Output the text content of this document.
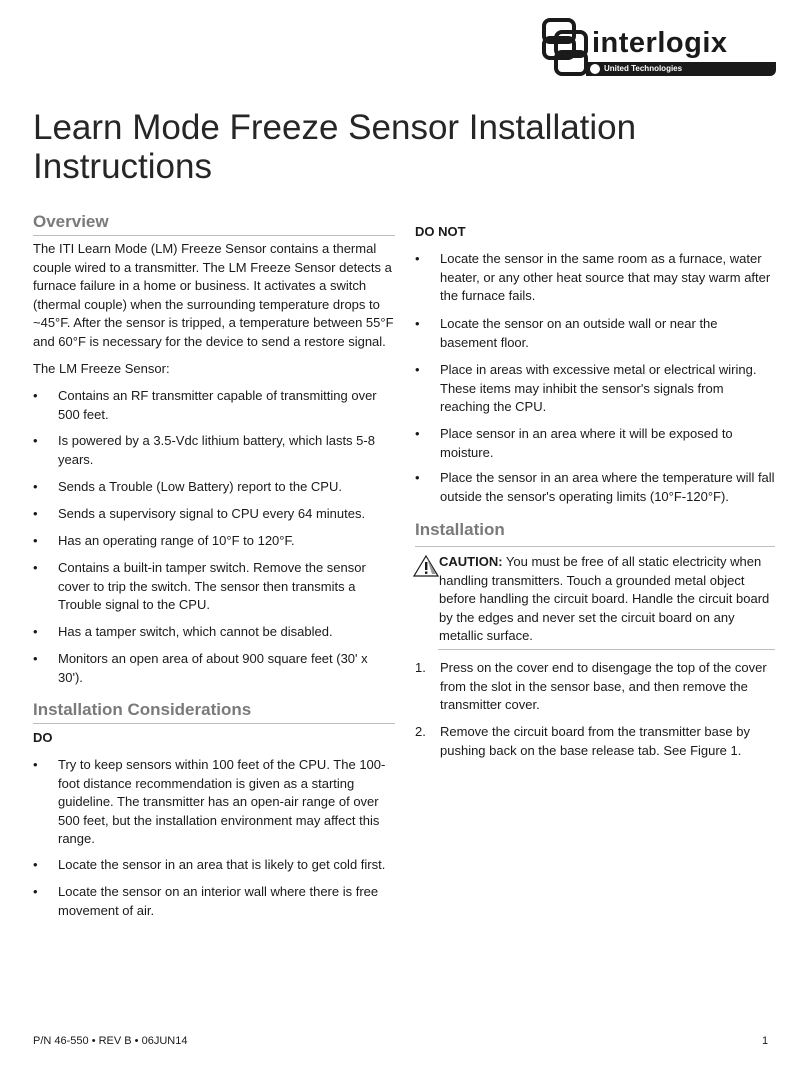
interlogix
United Technologies
Learn Mode Freeze Sensor Installation Instructions
Overview

The ITI Learn Mode (LM) Freeze Sensor contains a thermal couple wired to a transmitter. The LM Freeze Sensor detects a furnace failure in a home or business. It activates a switch (thermal couple) when the surrounding temperature drops to ~45°F. After the sensor is tripped, a temperature between 55°F and 60°F is necessary for the device to send a restore signal.

The LM Freeze Sensor:

•	Contains an RF transmitter capable of transmitting over 500 feet.
•	Is powered by a 3.5-Vdc lithium battery, which lasts 5-8 years.
•	Sends a Trouble (Low Battery) report to the CPU.
•	Sends a supervisory signal to CPU every 64 minutes.
•	Has an operating range of 10°F to 120°F.
•	Contains a built-in tamper switch. Remove the sensor cover to trip the switch. The sensor then transmits a Trouble signal to the CPU.
•	Has a tamper switch, which cannot be disabled.
•	Monitors an open area of about 900 square feet (30' x 30').
Installation Considerations

DO

•	Try to keep sensors within 100 feet of the CPU. The 100-foot distance recommendation is given as a starting guideline. The transmitter has an open-air range of over 500 feet, but the installation environment may affect this range.
•	Locate the sensor in an area that is likely to get cold first.
•	Locate the sensor on an interior wall where there is free movement of air.

DO NOT

•	Locate the sensor in the same room as a furnace, water heater, or any other heat source that may stay warm after the furnace fails.
•	Locate the sensor on an outside wall or near the basement floor.
•	Place in areas with excessive metal or electrical wiring. These items may inhibit the sensor's signals from reaching the CPU.
•	Place sensor in an area where it will be exposed to moisture.
•	Place the sensor in an area where the temperature will fall outside the sensor's operating limits (10°F-120°F).
Installation
CAUTION: You must be free of all static electricity when handling transmitters. Touch a grounded metal object before handling the circuit board. Handle the circuit board by the edges and never set the circuit board on any metallic surface.
1. Press on the cover end to disengage the top of the cover from the slot in the sensor base, and then remove the transmitter cover.
2. Remove the circuit board from the transmitter base by pushing back on the base release tab. See Figure 1.
P/N 46-550 • REV B • 06JUN14	1
